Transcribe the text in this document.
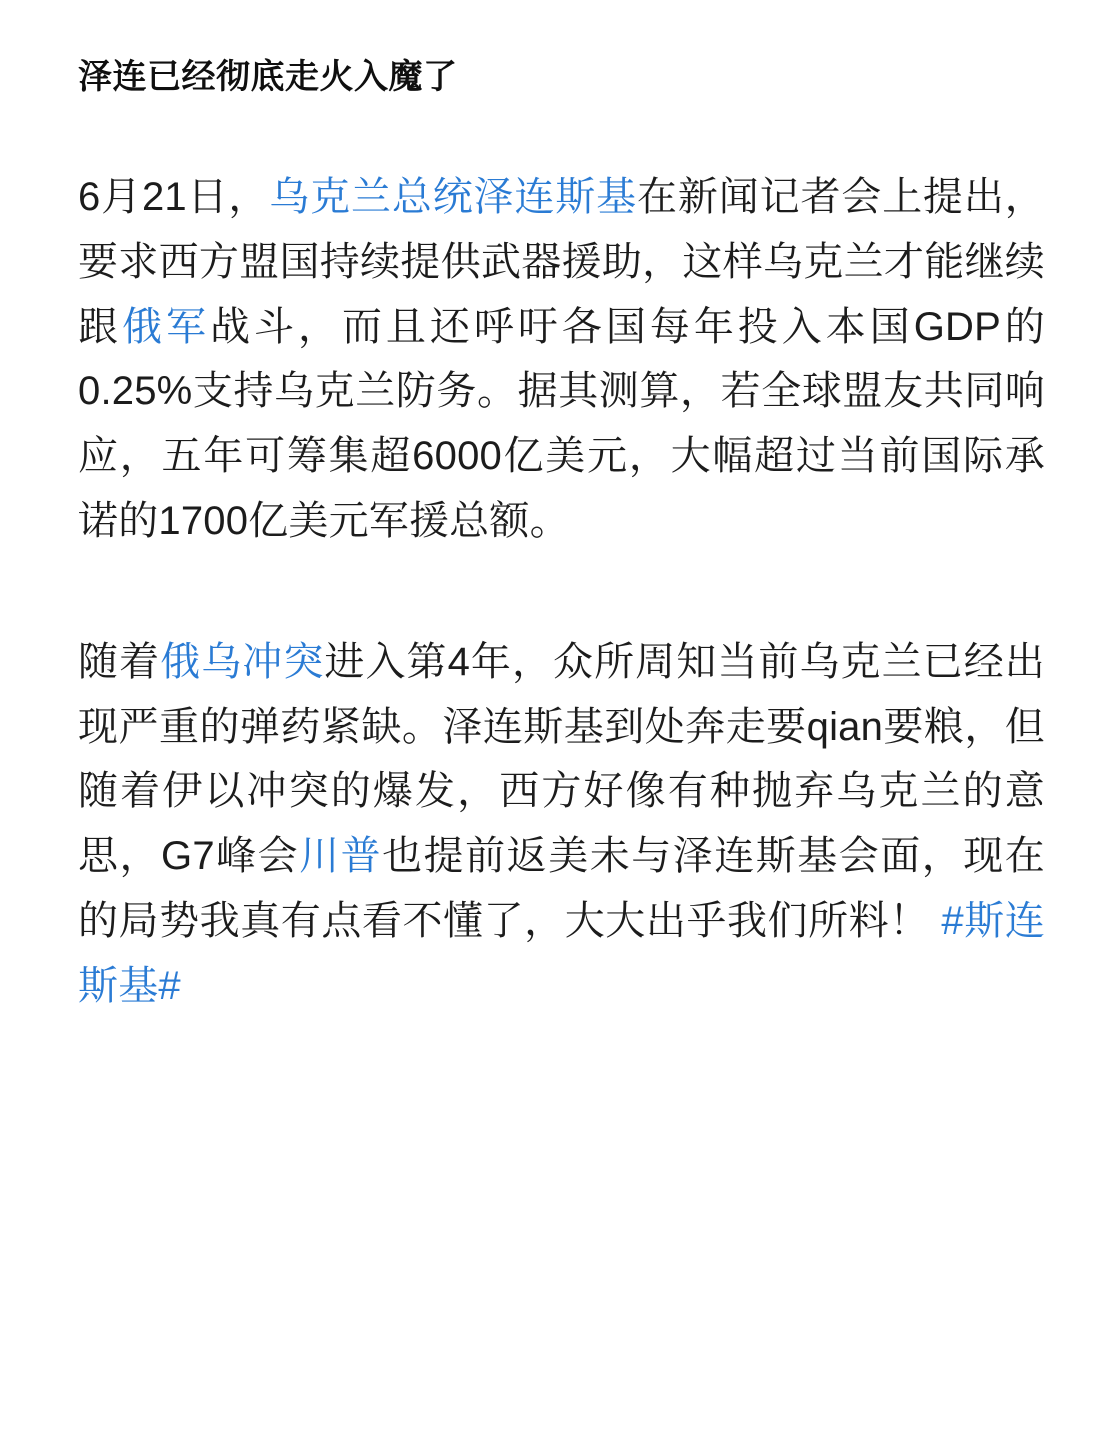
泽连已经彻底走火入魔了

6月21日，乌克兰总统泽连斯基在新闻记者会上提出，要求西方盟国持续提供武器援助，这样乌克兰才能继续跟俄军战斗，而且还呼吁各国每年投入本国GDP的0.25%支持乌克兰防务。据其测算，若全球盟友共同响应，五年可筹集超6000亿美元，大幅超过当前国际承诺的1700亿美元军援总额。

随着俄乌冲突进入第4年，众所周知当前乌克兰已经出现严重的弹药紧缺。泽连斯基到处奔走要qian要粮，但随着伊以冲突的爆发，西方好像有种抛弃乌克兰的意思，G7峰会川普也提前返美未与泽连斯基会面，现在的局势我真有点看不懂了，大大出乎我们所料！ #斯连斯基#
